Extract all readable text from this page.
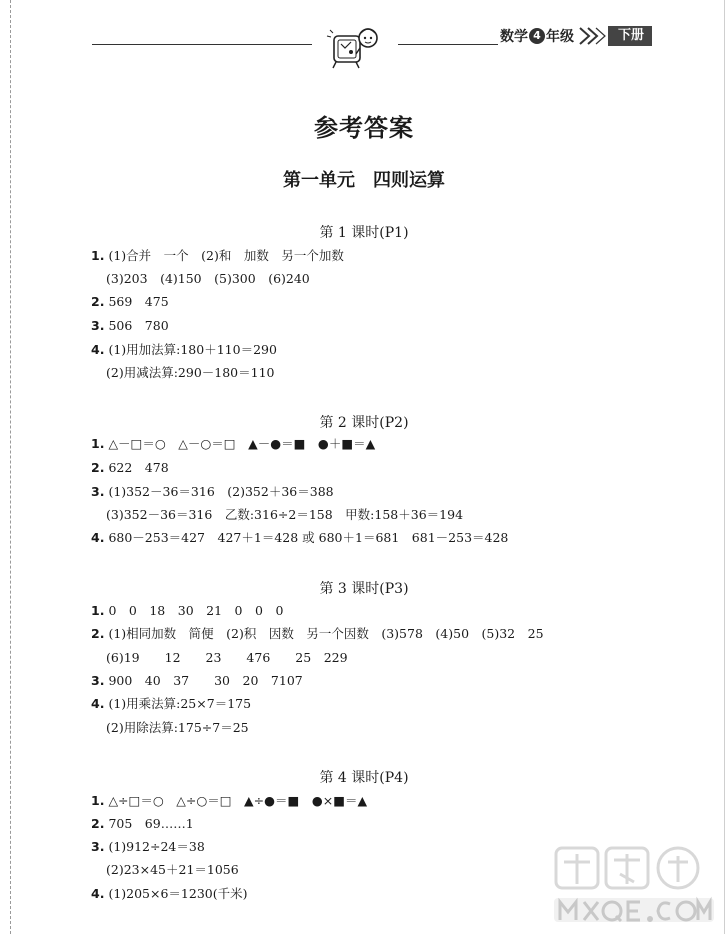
数学 4 年级	下册
参考答案
第一单元　四则运算
第 1 课时(P1)
1. (1)合并　一个　(2)和　加数　另一个加数
(3)203　(4)150　(5)300　(6)240
2. 569　475
3. 506　780
4. (1)用加法算:180＋110＝290
(2)用减法算:290－180＝110
第 2 课时(P2)
1. △－□＝○　△－○＝□　▲－●＝■　●＋■＝▲
2. 622　478
3. (1)352－36＝316　(2)352＋36＝388
(3)352－36＝316　乙数:316÷2＝158　甲数:158＋36＝194
4. 680－253＝427　427＋1＝428 或 680＋1＝681　681－253＝428
第 3 课时(P3)
1. 0　0　18　30　21　0　0　0
2. (1)相同加数　简便　(2)积　因数　另一个因数　(3)578　(4)50　(5)32　25
(6)19　　12　　23　　476　　25　229
3. 900　40　37　　30　20　7107
4. (1)用乘法算:25×7＝175
(2)用除法算:175÷7＝25
第 4 课时(P4)
1. △÷□＝○　△÷○＝□　▲÷●＝■　●×■＝▲
2. 705　69……1
3. (1)912÷24＝38
(2)23×45＋21＝1056
4. (1)205×6＝1230(千米)
